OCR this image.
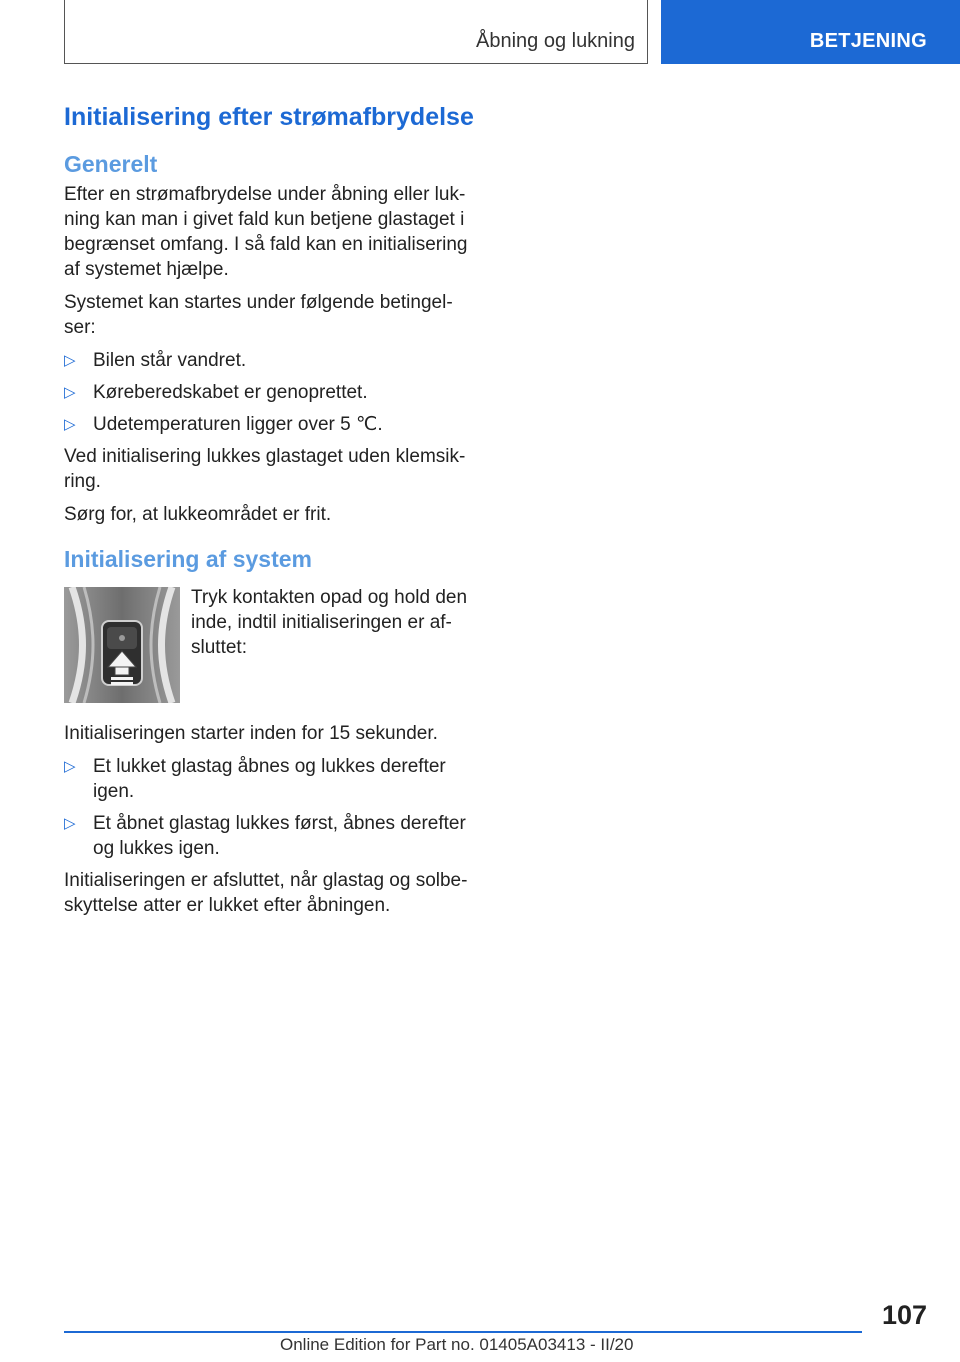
Åbning og lukning	BETJENING
Initialisering efter strømafbrydelse
Generelt

Efter en strømafbrydelse under åbning eller lukning kan man i givet fald kun betjene glastaget i begrænset omfang. I så fald kan en initialisering af systemet hjælpe.

Systemet kan startes under følgende betingelser:

▷ Bilen står vandret.
▷ Køreberedskabet er genoprettet.
▷ Udetemperaturen ligger over 5 ℃.

Ved initialisering lukkes glastaget uden klemsikring.

Sørg for, at lukkeområdet er frit.

Initialisering af system
Tryk kontakten opad og hold den inde, indtil initialiseringen er afsluttet:

Initialiseringen starter inden for 15 sekunder.

▷ Et lukket glastag åbnes og lukkes derefter igen.
▷ Et åbnet glastag lukkes først, åbnes derefter og lukkes igen.

Initialiseringen er afsluttet, når glastag og solbeskyttelse atter er lukket efter åbningen.

107
Online Edition for Part no. 01405A03413 - II/20
